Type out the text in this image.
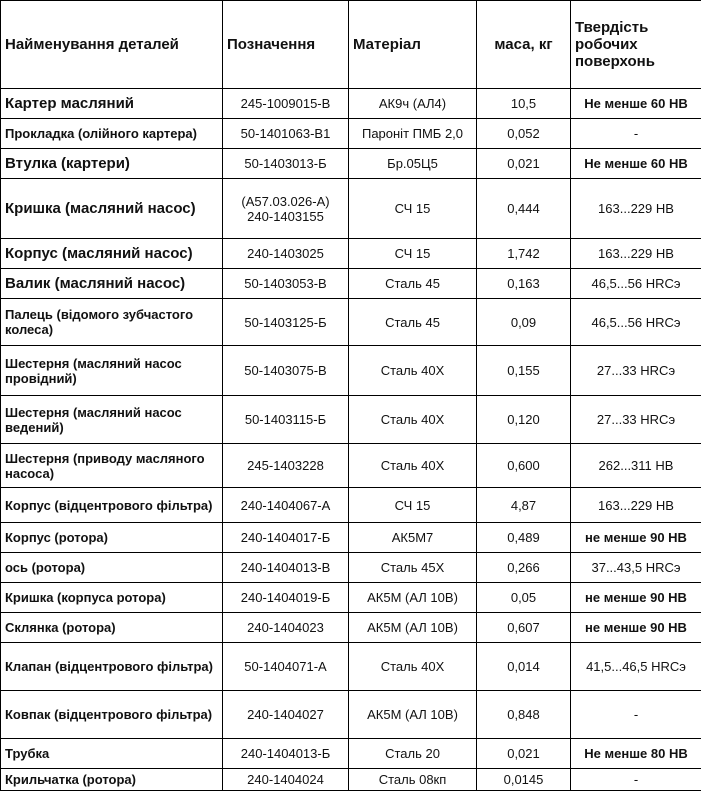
Найменування деталей	Позначення	Матеріал	маса, кг	Твердість робочих поверхонь
Картер масляний	245-1009015-В	АК9ч (АЛ4)	10,5	Не менше 60 НВ
Прокладка (олійного картера)	50-1401063-В1	Паронiт ПМБ 2,0	0,052	-
Втулка (картери)	50-1403013-Б	Бр.05Ц5	0,021	Не менше 60 НВ
Кришка (масляний насос)	(А57.03.026-А) 240-1403155	СЧ 15	0,444	163...229 НВ
Корпус (масляний насос)	240-1403025	СЧ 15	1,742	163...229 НВ
Валик (масляний насос)	50-1403053-В	Сталь 45	0,163	46,5...56 HRCэ
Палець (відомого зубчастого колеса)	50-1403125-Б	Сталь 45	0,09	46,5...56 HRCэ
Шестерня (масляний насос провідний)	50-1403075-В	Сталь 40Х	0,155	27...33 HRCэ
Шестерня (масляний насос ведений)	50-1403115-Б	Сталь 40Х	0,120	27...33 HRCэ
Шестерня (приводу масляного насоса)	245-1403228	Сталь 40Х	0,600	262...311 НВ
Корпус (відцентрового фільтра)	240-1404067-А	СЧ 15	4,87	163...229 НВ
Корпус (ротора)	240-1404017-Б	АК5М7	0,489	не менше 90 НВ
ось (ротора)	240-1404013-В	Сталь 45Х	0,266	37...43,5 HRCэ
Кришка (корпуса ротора)	240-1404019-Б	АК5М (АЛ 10В)	0,05	не менше 90 НВ
Склянка (ротора)	240-1404023	АК5М (АЛ 10В)	0,607	не менше 90 НВ
Клапан (відцентрового фільтра)	50-1404071-А	Сталь 40Х	0,014	41,5...46,5 HRCэ
Ковпак (відцентрового фільтра)	240-1404027	АК5М (АЛ 10В)	0,848	-
Трубка	240-1404013-Б	Сталь 20	0,021	Не менше 80 НВ
Крильчатка (ротора)	240-1404024	Сталь 08кп	0,0145	-
